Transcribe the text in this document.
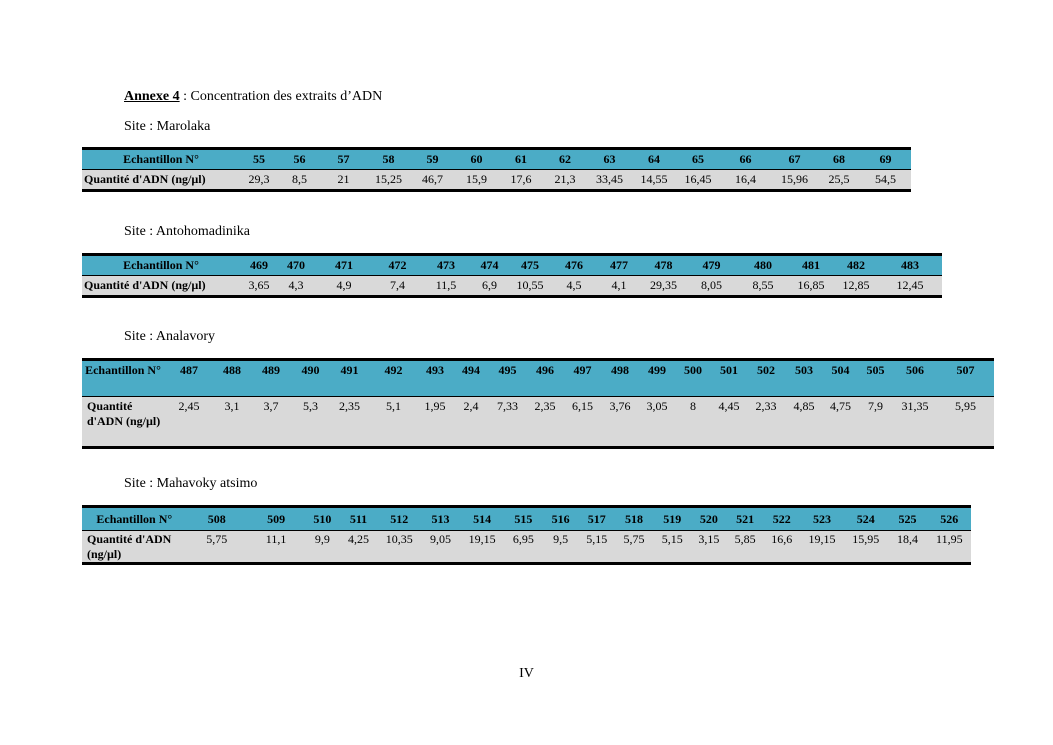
Annexe 4 : Concentration des extraits d’ADN
Site : Marolaka
Echantillon N°	55	56	57	58	59	60	61	62	63	64	65	66	67	68	69
Quantité d'ADN (ng/µl)	29,3	8,5	21	15,25	46,7	15,9	17,6	21,3	33,45	14,55	16,45	16,4	15,96	25,5	54,5
Site : Antohomadinika
Echantillon N°	469	470	471	472	473	474	475	476	477	478	479	480	481	482	483
Quantité d'ADN (ng/µl)	3,65	4,3	4,9	7,4	11,5	6,9	10,55	4,5	4,1	29,35	8,05	8,55	16,85	12,85	12,45
Site : Analavory
Echantillon N°	487	488	489	490	491	492	493	494	495	496	497	498	499	500	501	502	503	504	505	506	507
Quantité d'ADN (ng/µl)	2,45	3,1	3,7	5,3	2,35	5,1	1,95	2,4	7,33	2,35	6,15	3,76	3,05	8	4,45	2,33	4,85	4,75	7,9	31,35	5,95
Site : Mahavoky atsimo
Echantillon N°	508	509	510	511	512	513	514	515	516	517	518	519	520	521	522	523	524	525	526
Quantité d'ADN (ng/µl)	5,75	11,1	9,9	4,25	10,35	9,05	19,15	6,95	9,5	5,15	5,75	5,15	3,15	5,85	16,6	19,15	15,95	18,4	11,95
IV
